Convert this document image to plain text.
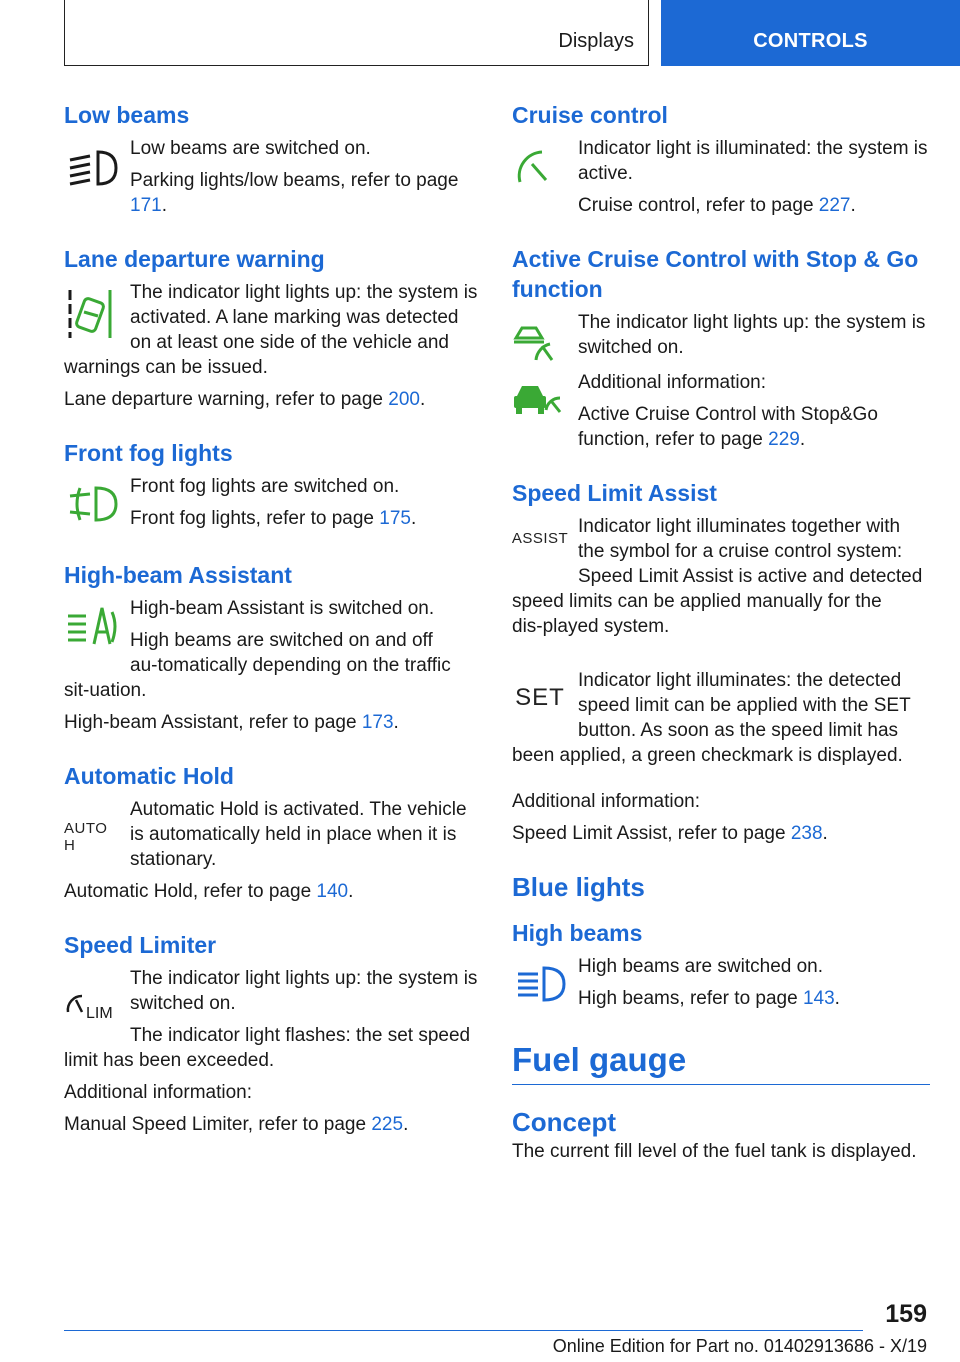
Displays	CONTROLS
Low beams

Low beams are switched on.

Parking lights/low beams, refer to page 171.

Lane departure warning

The indicator light lights up: the system is activated. A lane marking was detected on at least one side of the vehicle and warnings can be issued.

Lane departure warning, refer to page 200.

Front fog lights

Front fog lights are switched on.

Front fog lights, refer to page 175.

High‑beam Assistant

High‑beam Assistant is switched on.

High beams are switched on and off au‑tomatically depending on the traffic sit‑uation.

High‑beam Assistant, refer to page 173.

Automatic Hold
AUTO H

Automatic Hold is activated. The vehicle is automatically held in place when it is stationary.

Automatic Hold, refer to page 140.

Speed Limiter
LIM

The indicator light lights up: the system is switched on.

The indicator light flashes: the set speed limit has been exceeded.

Additional information:

Manual Speed Limiter, refer to page 225.

Cruise control

Indicator light is illuminated: the system is active.

Cruise control, refer to page 227.

Active Cruise Control with Stop & Go function

The indicator light lights up: the system is switched on.

Additional information:

Active Cruise Control with Stop&Go function, refer to page 229.

Speed Limit Assist
ASSIST

Indicator light illuminates together with the symbol for a cruise control system: Speed Limit Assist is active and detected speed limits can be applied manually for the dis‑played system.

SET

Indicator light illuminates: the detected speed limit can be applied with the SET button. As soon as the speed limit has been applied, a green checkmark is displayed.

Additional information:

Speed Limit Assist, refer to page 238.

Blue lights
High beams

High beams are switched on.

High beams, refer to page 143.

Fuel gauge
Concept

The current fill level of the fuel tank is displayed.

159
Online Edition for Part no. 01402913686 - X/19
